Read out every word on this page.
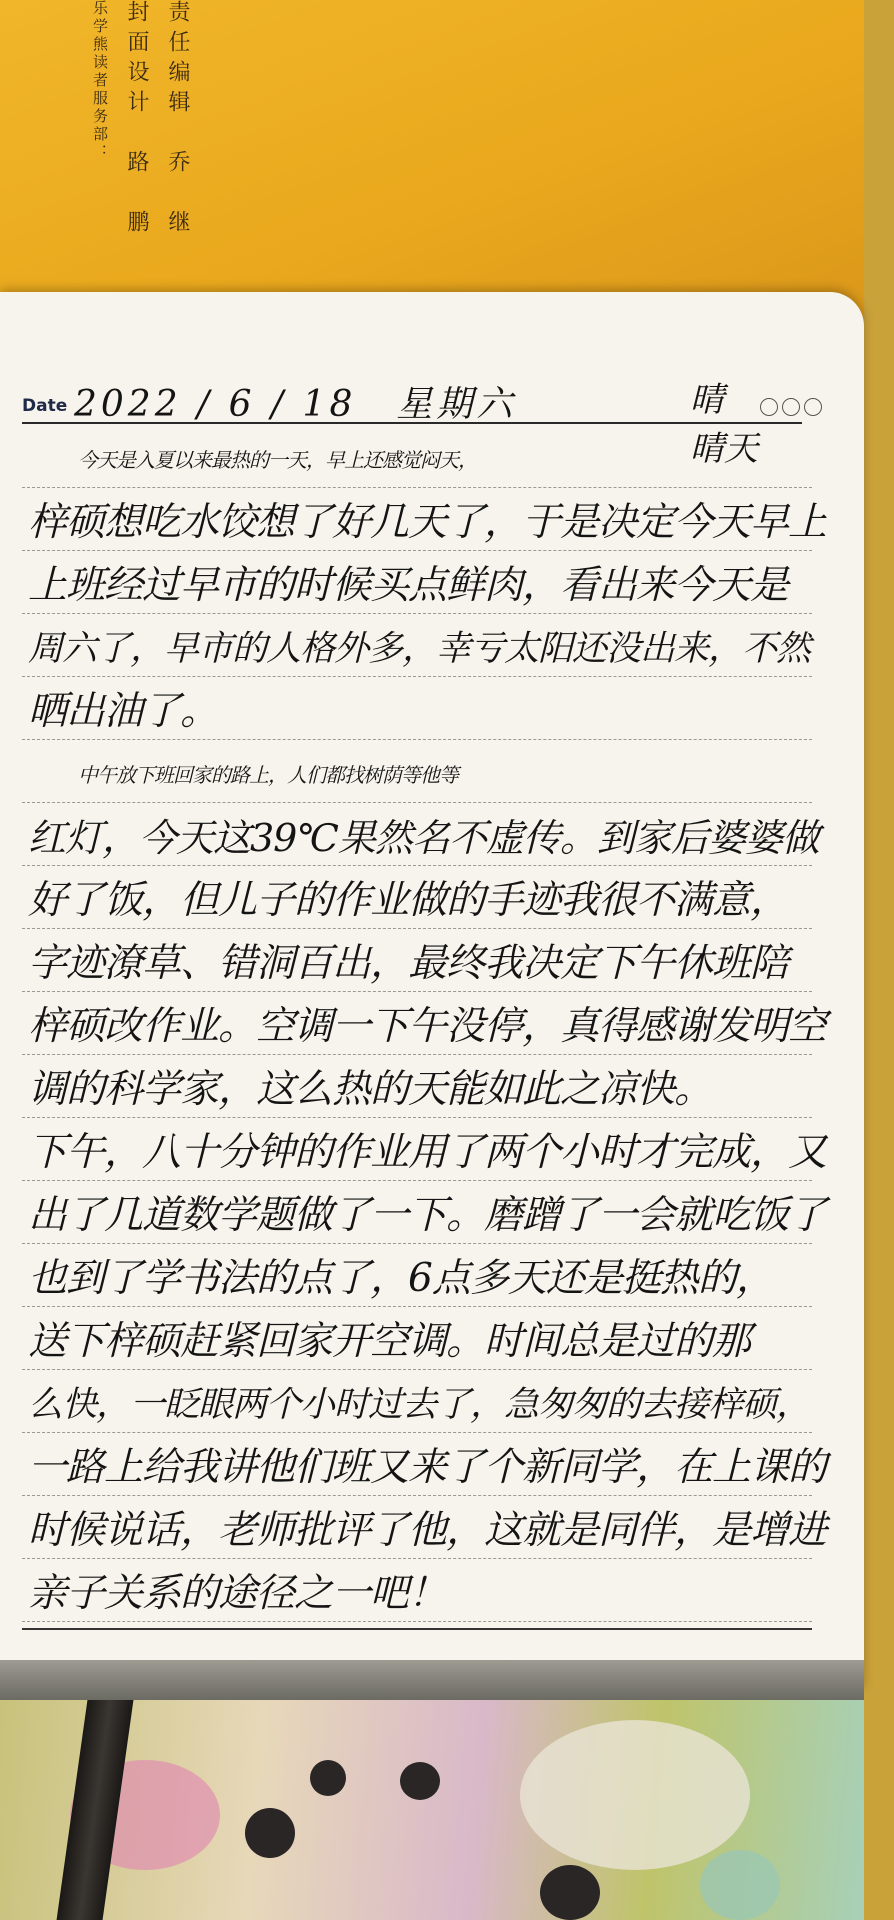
责任编辑　乔　继
封面设计　路　鹏
乐学熊读者服务部：
Date 2022 / 6 / 18　星期六	晴　　　　　晴天
今天是入夏以来最热的一天，早上还感觉闷天，
梓硕想吃水饺想了好几天了，于是决定今天早上
上班经过早市的时候买点鲜肉，看出来今天是
周六了，早市的人格外多，幸亏太阳还没出来，不然
晒出油了。
中午放下班回家的路上，人们都找树荫等他等
红灯，今天这39℃果然名不虚传。到家后婆婆做
好了饭，但儿子的作业做的手迹我很不满意，
字迹潦草、错洞百出，最终我决定下午休班陪
梓硕改作业。空调一下午没停，真得感谢发明空
调的科学家，这么热的天能如此之凉快。
下午，八十分钟的作业用了两个小时才完成，又
出了几道数学题做了一下。磨蹭了一会就吃饭了
也到了学书法的点了，6点多天还是挺热的，
送下梓硕赶紧回家开空调。时间总是过的那
么快，一眨眼两个小时过去了，急匆匆的去接梓硕，
一路上给我讲他们班又来了个新同学，在上课的
时候说话，老师批评了他，这就是同伴，是增进
亲子关系的途径之一吧！
